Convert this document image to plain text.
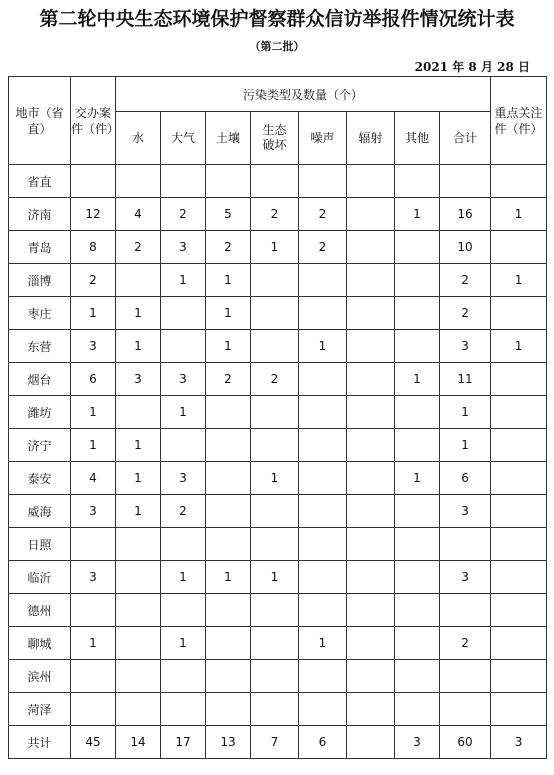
第二轮中央生态环境保护督察群众信访举报件情况统计表
（第二批）
2021 年 8 月 28 日
地市（省直）	交办案件（件）	污染类型及数量（个）								重点关注件（件）
		水	大气	土壤	生态破坏	噪声	辐射	其他	合计	
省直										
济南	12	4	2	5	2	2		1	16	1
青岛	8	2	3	2	1	2			10	
淄博	2		1	1					2	1
枣庄	1	1		1					2	
东营	3	1		1		1			3	1
烟台	6	3	3	2	2			1	11	
潍坊	1		1						1	
济宁	1	1							1	
泰安	4	1	3		1			1	6	
威海	3	1	2						3	
日照										
临沂	3		1	1	1				3	
德州										
聊城	1		1			1			2	
滨州										
菏泽										
共计	45	14	17	13	7	6		3	60	3
